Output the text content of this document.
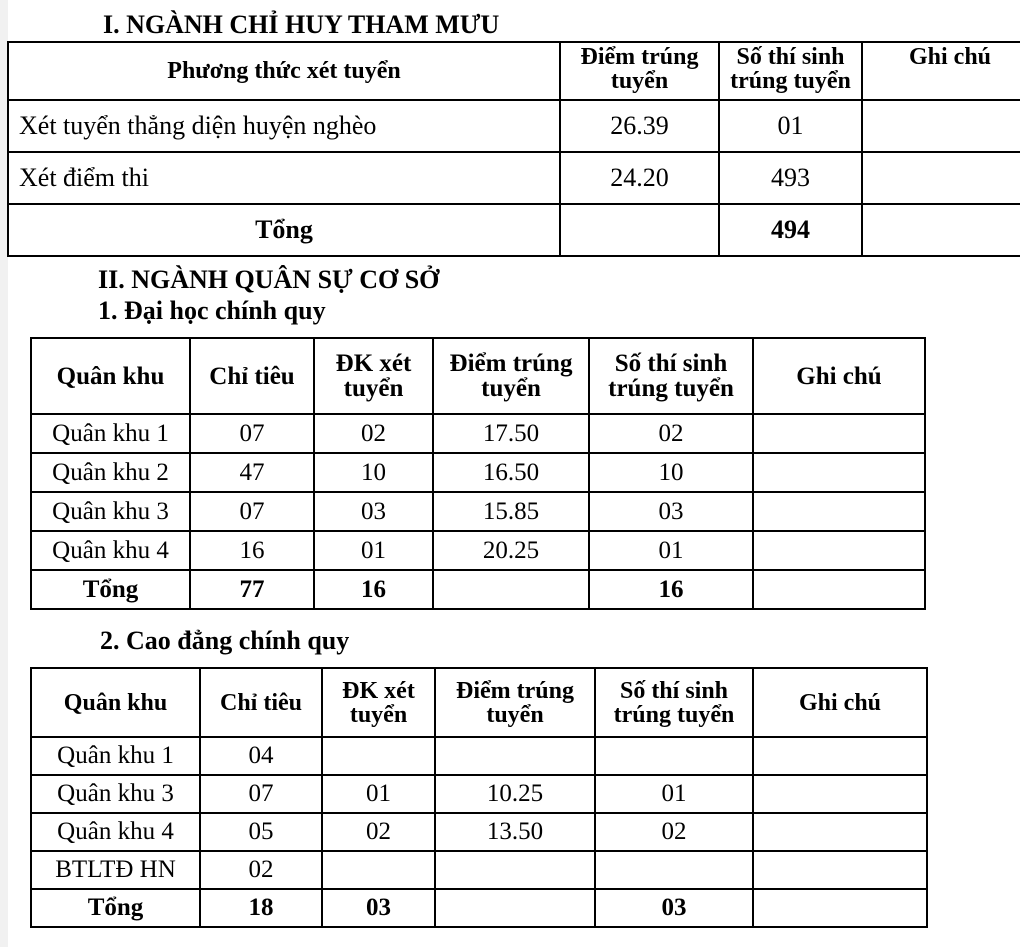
I. NGÀNH CHỈ HUY THAM MƯU
Phương thức xét tuyển	Điểm trúng tuyển	Số thí sinh trúng tuyển	Ghi chú
Xét tuyển thẳng diện huyện nghèo	26.39	01	
Xét điểm thi	24.20	493	
Tổng		494	
II. NGÀNH QUÂN SỰ CƠ SỞ
1. Đại học chính quy
Quân khu	Chỉ tiêu	ĐK xét tuyển	Điểm trúng tuyển	Số thí sinh trúng tuyển	Ghi chú
Quân khu 1	07	02	17.50	02	
Quân khu 2	47	10	16.50	10	
Quân khu 3	07	03	15.85	03	
Quân khu 4	16	01	20.25	01	
Tổng	77	16		16	
2. Cao đẳng chính quy
Quân khu	Chỉ tiêu	ĐK xét tuyển	Điểm trúng tuyển	Số thí sinh trúng tuyển	Ghi chú
Quân khu 1	04				
Quân khu 3	07	01	10.25	01	
Quân khu 4	05	02	13.50	02	
BTLTĐ HN	02				
Tổng	18	03		03	
